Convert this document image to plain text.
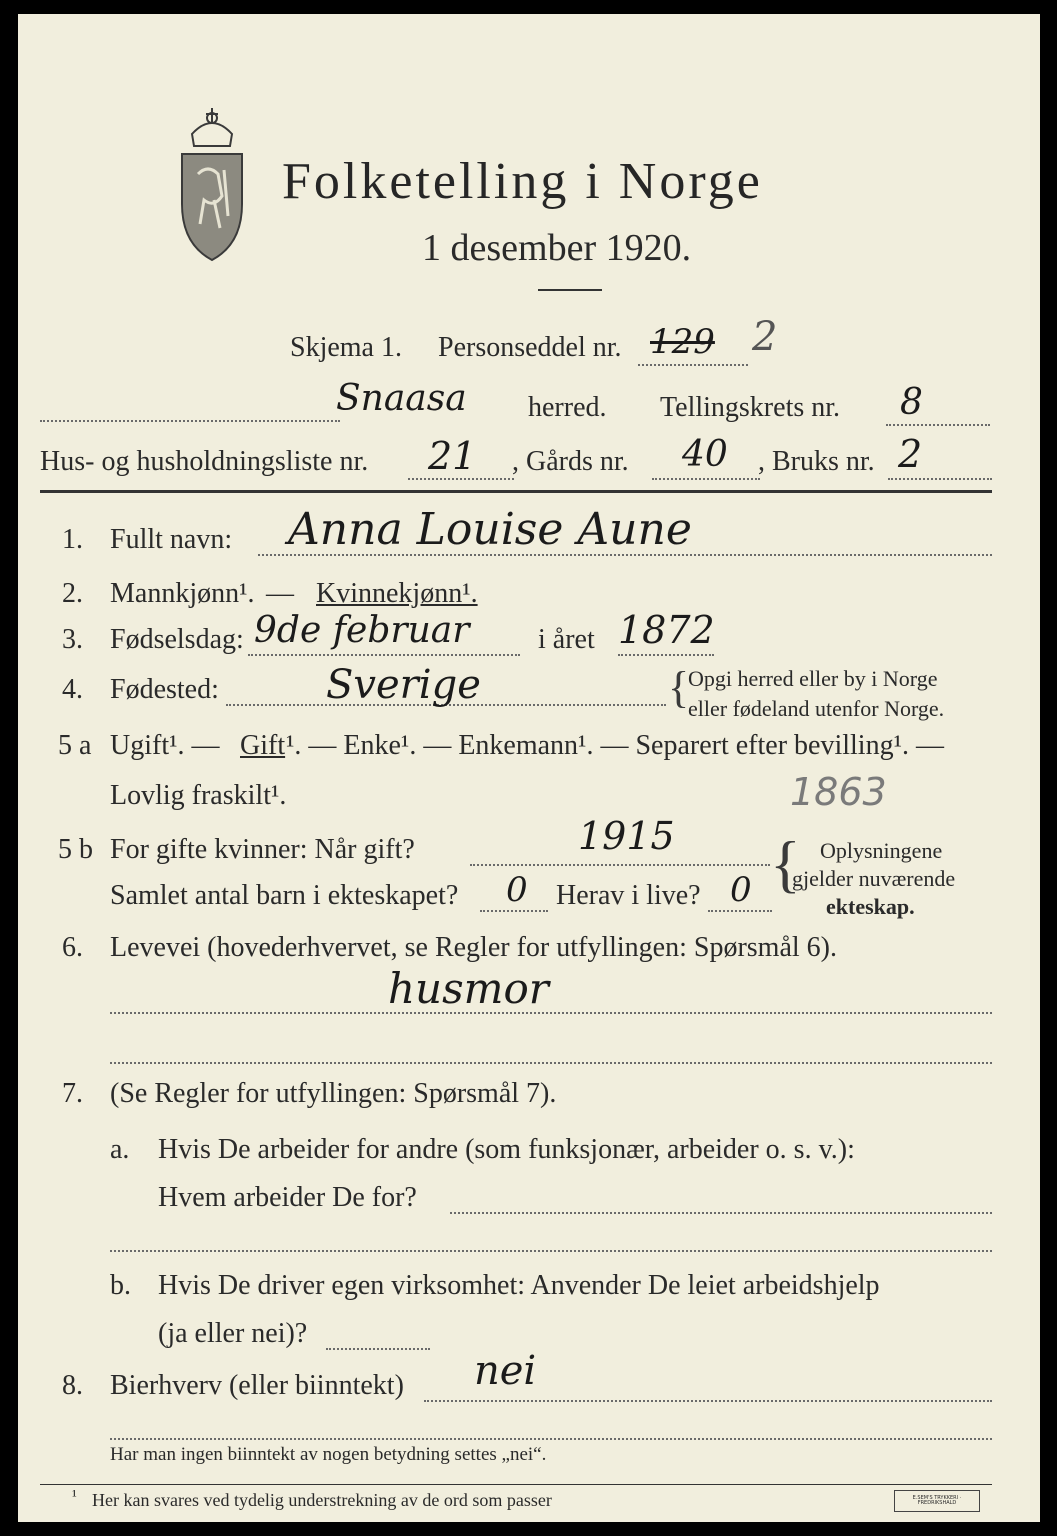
Folketelling i Norge
1 desember 1920.
Skjema 1. Personseddel nr. 129 2
Snaasa herred. Tellingskrets nr. 8
Hus- og husholdningsliste nr. 21 , Gårds nr. 40 , Bruks nr. 2
1. Fullt navn: Anna Louise Aune
2. Mannkjønn¹. — Kvinnekjønn¹.
3. Fødselsdag: 9de februar i året 1872
4. Fødested:	Sverige	{
Opgi herred eller by i Norge
eller fødeland utenfor Norge.
5 a Ugift¹. — Gift ¹. — Enke¹. — Enkemann¹. — Separert efter bevilling¹. —
Lovlig fraskilt¹.	1863
5 b For gifte kvinner: Når gift?	1915
Samlet antal barn i ekteskapet? 0 Herav i live? 0 { Oplysningene
gjelder nuværende
ekteskap.
6. Levevei (hovederhvervet, se Regler for utfyllingen: Spørsmål 6).
husmor
7. (Se Regler for utfyllingen: Spørsmål 7).
a. Hvis De arbeider for andre (som funksjonær, arbeider o. s. v.):
Hvem arbeider De for?
b. Hvis De driver egen virksomhet: Anvender De leiet arbeidshjelp
(ja eller nei)?
8. Bierhverv (eller biinntekt) nei
Har man ingen biinntekt av nogen betydning settes „nei“.
¹ Her kan svares ved tydelig understrekning av de ord som passer	E.SEM'S TRYKKERI · FREDRIKSHALD
